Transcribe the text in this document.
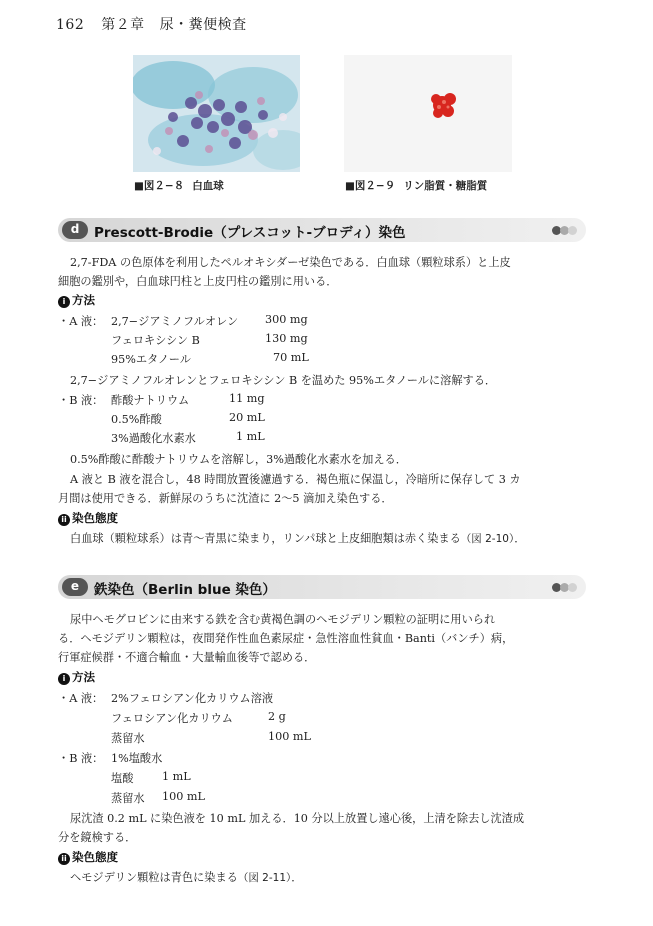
162 第２章 尿・糞便検査
■図２−８ 白血球	■図２−９ リン脂質・糖脂質
d	Prescott-Brodie（プレスコット-ブロディ）染色
2,7-FDA の色原体を利用したペルオキシダーゼ染色である．白血球（顆粒球系）と上皮
細胞の鑑別や，白血球円柱と上皮円柱の鑑別に用いる．
i 方法
・A 液： 2,7−ジアミノフルオレン 300 mg
フェロキシシン B	130 mg
95%エタノール	70 mL
2,7−ジアミノフルオレンとフェロキシシン B を温めた 95%エタノールに溶解する．
・B 液： 酢酸ナトリウム	11 mg
0.5%酢酸	20 mL
3%過酸化水素水	1 mL
0.5%酢酸に酢酸ナトリウムを溶解し，3%過酸化水素水を加える．
A 液と B 液を混合し，48 時間放置後濾過する．褐色瓶に保温し，冷暗所に保存して 3 カ
月間は使用できる．新鮮尿のうちに沈渣に 2〜5 滴加え染色する．
ii 染色態度
白血球（顆粒球系）は青〜青黒に染まり，リンパ球と上皮細胞類は赤く染まる（図 2-10）．
e	鉄染色（Berlin blue 染色）
尿中ヘモグロビンに由来する鉄を含む黄褐色調のヘモジデリン顆粒の証明に用いられ
る．ヘモジデリン顆粒は，夜間発作性血色素尿症・急性溶血性貧血・Banti（バンチ）病，
行軍症候群・不適合輸血・大量輸血後等で認める．
i 方法
・A 液： 2%フェロシアン化カリウム溶液
フェロシアン化カリウム	2 g
蒸留水	100 mL
・B 液： 1%塩酸水
塩酸	1 mL
蒸留水 100 mL
尿沈渣 0.2 mL に染色液を 10 mL 加える．10 分以上放置し遠心後，上清を除去し沈渣成
分を鏡検する．
ii 染色態度
ヘモジデリン顆粒は青色に染まる（図 2-11）．
